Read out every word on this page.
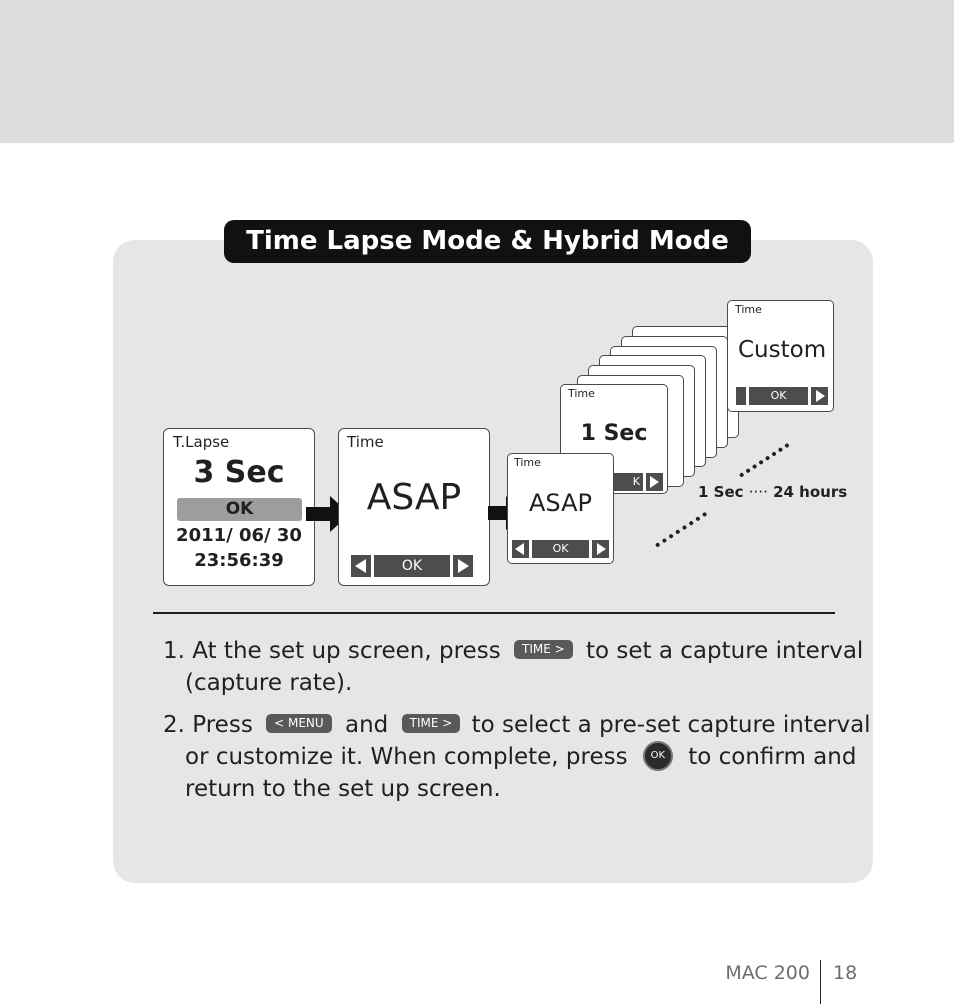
Time Lapse Mode & Hybrid Mode
T.Lapse
3 Sec
OK
2011/ 06/ 30
23:56:39
Time
ASAP
OK
Time
1 Sec
K
Time
ASAP
OK
Time
Custom
OK
1 Sec ···· 24 hours
1. At the set up screen, press TIME > to set a capture interval
(capture rate).
2. Press < MENU and TIME > to select a pre-set capture interval
or customize it. When complete, press OK to confirm and
return to the set up screen.
MAC 200 18
